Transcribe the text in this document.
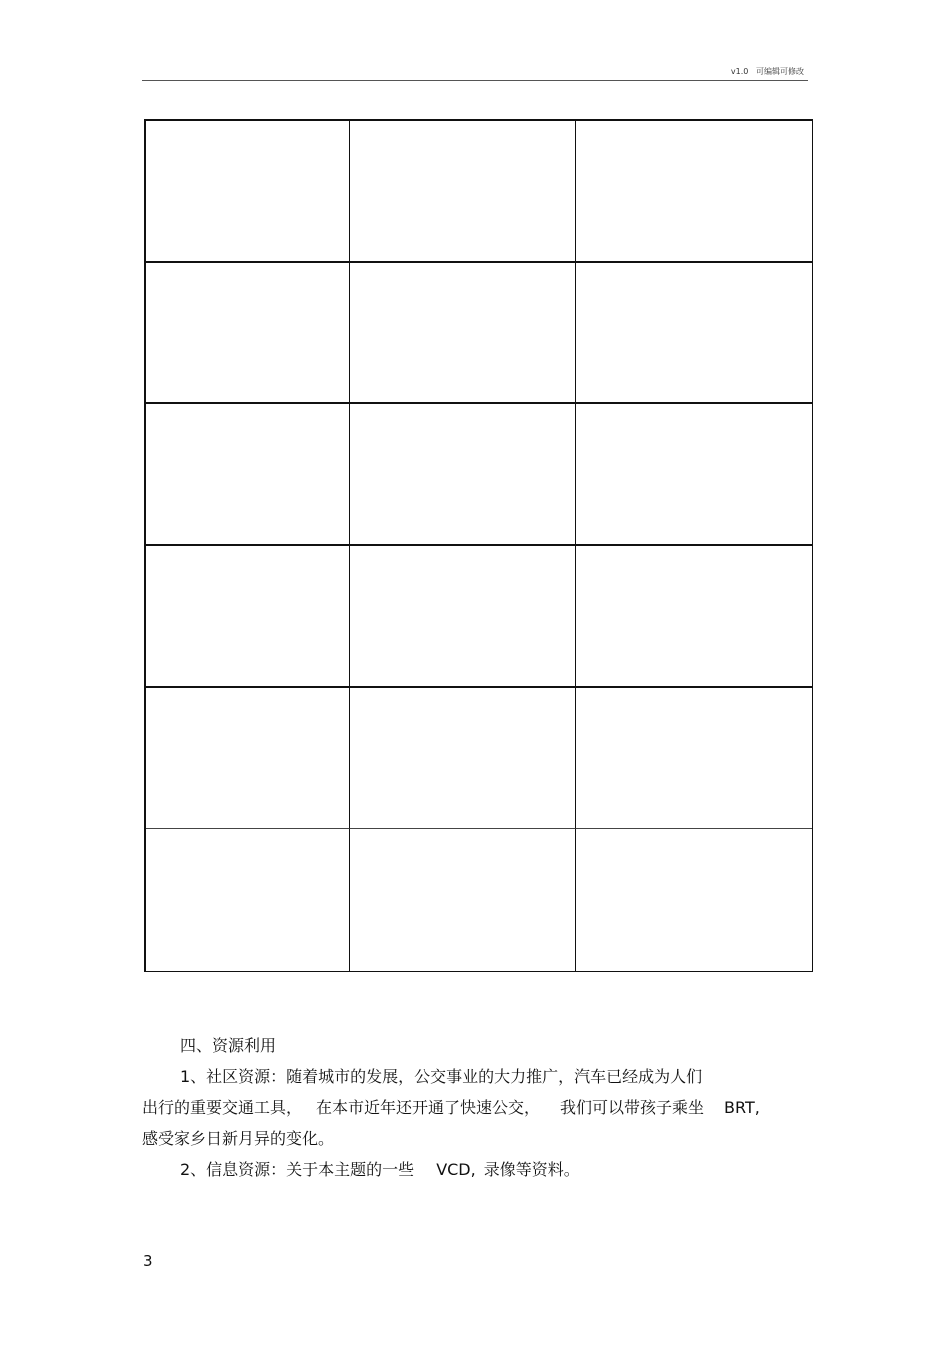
v1.0 可编辑可修改

四、资源利用

1、社区资源：随着城市的发展，公交事业的大力推广，汽车已经成为人们

出行的重要交通工具， 在本市近年还开通了快速公交， 我们可以带孩子乘坐 BRT,

感受家乡日新月异的变化。

2、信息资源：关于本主题的一些 VCD, 录像等资料。

3
